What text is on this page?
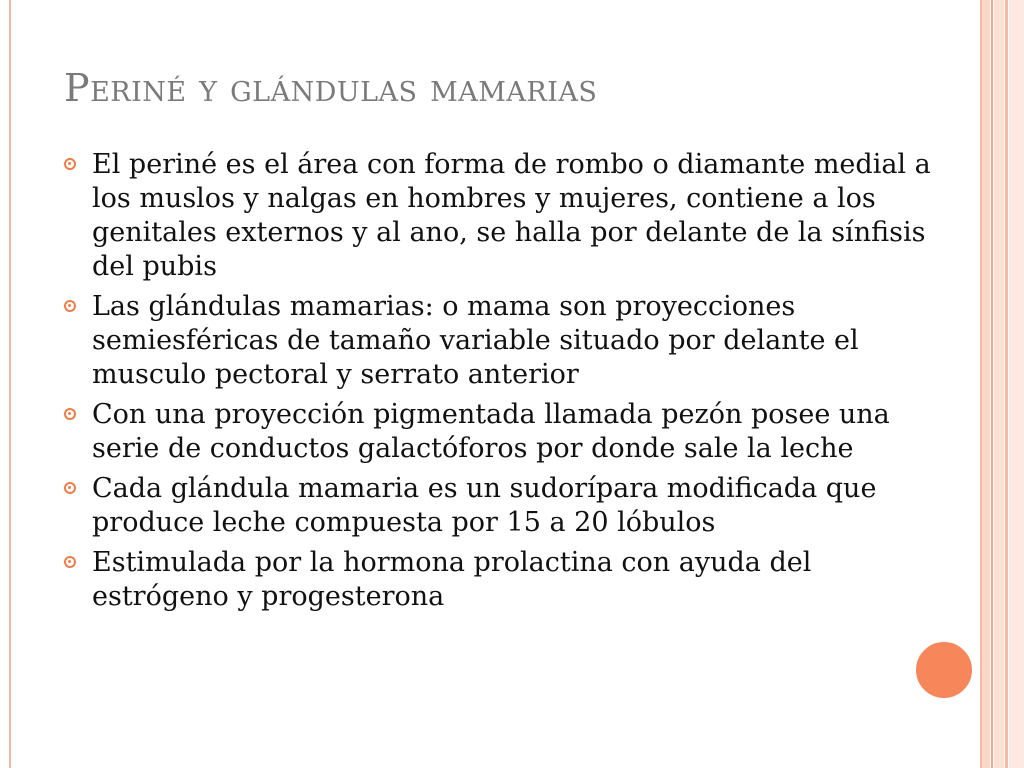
Periné y glándulas mamarias
El periné es el área con forma de rombo o diamante medial a los muslos y nalgas en hombres y mujeres, contiene a los genitales externos y al ano, se halla por delante de la sínfisis del pubis
Las glándulas mamarias: o mama son proyecciones semiesféricas de tamaño variable situado por delante el musculo pectoral y serrato anterior
Con una proyección pigmentada llamada pezón posee una serie de conductos galactóforos por donde sale la leche
Cada glándula mamaria es un sudorípara modificada que produce leche compuesta por 15 a 20 lóbulos
Estimulada por la hormona prolactina con ayuda del estrógeno y progesterona
